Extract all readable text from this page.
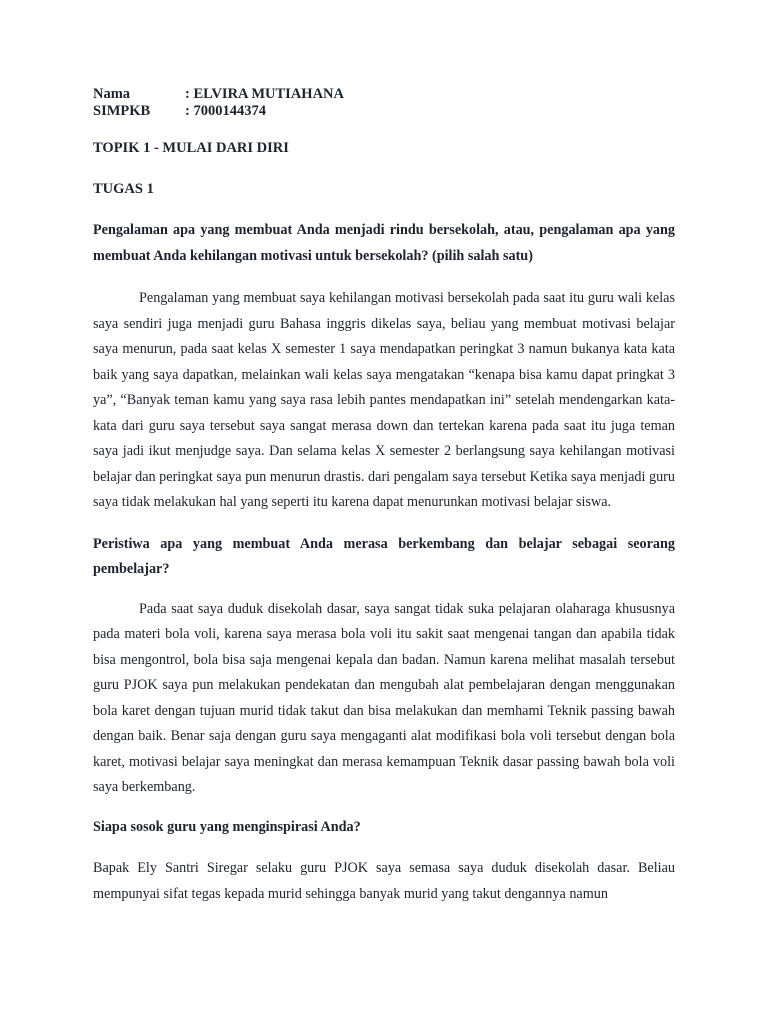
Nama	: ELVIRA MUTIAHANA
SIMPKB : 7000144374
TOPIK 1 - MULAI DARI DIRI
TUGAS 1

Pengalaman apa yang membuat Anda menjadi rindu bersekolah, atau, pengalaman apa yang membuat Anda kehilangan motivasi untuk bersekolah? (pilih salah satu)

Pengalaman yang membuat saya kehilangan motivasi bersekolah pada saat itu guru wali kelas saya sendiri juga menjadi guru Bahasa inggris dikelas saya, beliau yang membuat motivasi belajar saya menurun, pada saat kelas X semester 1 saya mendapatkan peringkat 3 namun bukanya kata kata baik yang saya dapatkan, melainkan wali kelas saya mengatakan “kenapa bisa kamu dapat pringkat 3 ya”, “Banyak teman kamu yang saya rasa lebih pantes mendapatkan ini” setelah mendengarkan kata- kata dari guru saya tersebut saya sangat merasa down dan tertekan karena pada saat itu juga teman saya jadi ikut menjudge saya. Dan selama kelas X semester 2 berlangsung saya kehilangan motivasi belajar dan peringkat saya pun menurun drastis. dari pengalam saya tersebut Ketika saya menjadi guru saya tidak melakukan hal yang seperti itu karena dapat menurunkan motivasi belajar siswa.

Peristiwa apa yang membuat Anda merasa berkembang dan belajar sebagai seorang pembelajar?

Pada saat saya duduk disekolah dasar, saya sangat tidak suka pelajaran olaharaga khususnya pada materi bola voli, karena saya merasa bola voli itu sakit saat mengenai tangan dan apabila tidak bisa mengontrol, bola bisa saja mengenai kepala dan badan. Namun karena melihat masalah tersebut guru PJOK saya pun melakukan pendekatan dan mengubah alat pembelajaran dengan menggunakan bola karet dengan tujuan murid tidak takut dan bisa melakukan dan memhami Teknik passing bawah dengan baik. Benar saja dengan guru saya mengaganti alat modifikasi bola voli tersebut dengan bola karet, motivasi belajar saya meningkat dan merasa kemampuan Teknik dasar passing bawah bola voli saya berkembang.

Siapa sosok guru yang menginspirasi Anda?

Bapak Ely Santri Siregar selaku guru PJOK saya semasa saya duduk disekolah dasar. Beliau mempunyai sifat tegas kepada murid sehingga banyak murid yang takut dengannya namun
